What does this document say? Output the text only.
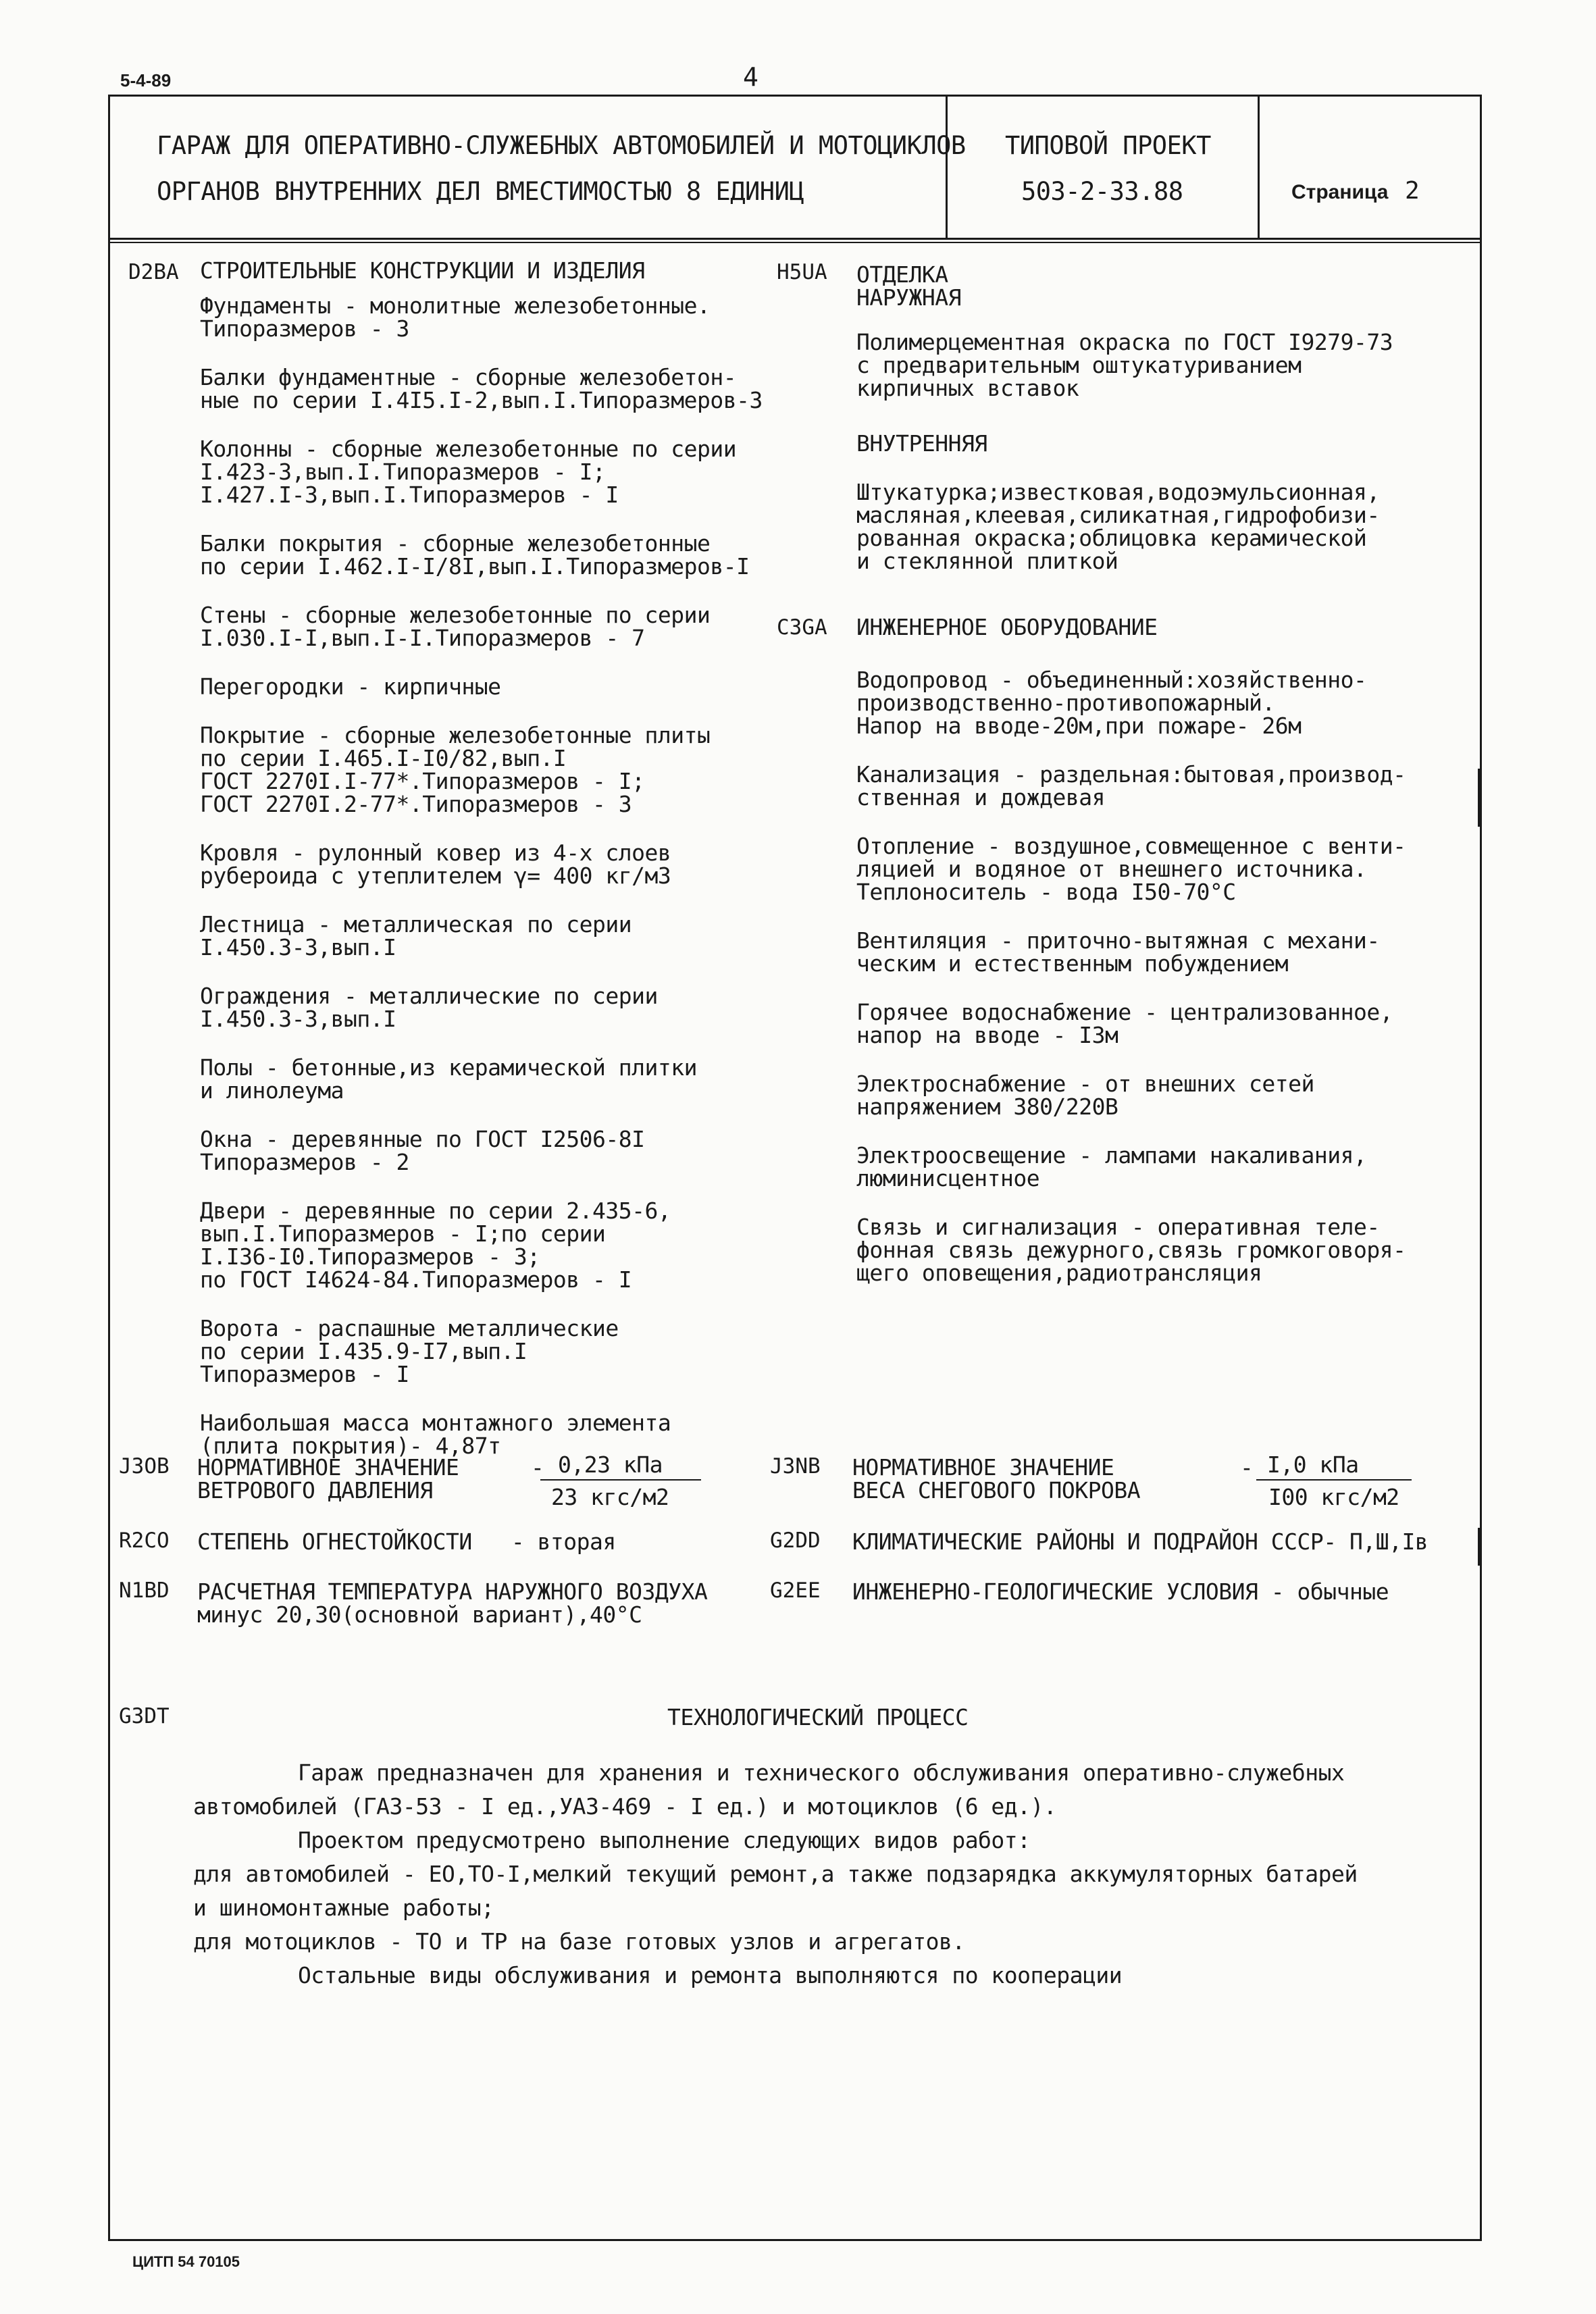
5-4-89	4
ГАРАЖ ДЛЯ ОПЕРАТИВНО-СЛУЖЕБНЫХ АВТОМОБИЛЕЙ И МОТОЦИКЛОВ
ОРГАНОВ ВНУТРЕННИХ ДЕЛ ВМЕСТИМОСТЬЮ 8 ЕДИНИЦ
ТИПОВОЙ ПРОЕКТ
503-2-33.88	Страница 2
D2BA СТРОИТЕЛЬНЫЕ КОНСТРУКЦИИ И ИЗДЕЛИЯ
Фундаменты - монолитные железобетонные.
Типоразмеров - 3
Балки фундаментные - сборные железобетон-
ные по серии I.4I5.I-2,вып.I.Типоразмеров-3
Колонны - сборные железобетонные по серии
I.423-3,вып.I.Типоразмеров - I;
I.427.I-3,вып.I.Типоразмеров - I
Балки покрытия - сборные железобетонные
по серии I.462.I-I/8I,вып.I.Типоразмеров-I
Стены - сборные железобетонные по серии
I.030.I-I,вып.I-I.Типоразмеров - 7
Перегородки - кирпичные
Покрытие - сборные железобетонные плиты
по серии I.465.I-I0/82,вып.I
ГОСТ 2270I.I-77*.Типоразмеров - I;
ГОСТ 2270I.2-77*.Типоразмеров - 3
Кровля - рулонный ковер из 4-х слоев
рубероида с утеплителем γ= 400 кг/м3
Лестница - металлическая по серии
I.450.3-3,вып.I
Ограждения - металлические по серии
I.450.3-3,вып.I
Полы - бетонные,из керамической плитки
и линолеума
Окна - деревянные по ГОСТ I2506-8I
Типоразмеров - 2
Двери - деревянные по серии 2.435-6,
вып.I.Типоразмеров - I;по серии
I.I36-I0.Типоразмеров - 3;
по ГОСТ I4624-84.Типоразмеров - I
Ворота - распашные металлические
по серии I.435.9-I7,вып.I
Типоразмеров - I
Наибольшая масса монтажного элемента
(плита покрытия)- 4,87т
H5UA ОТДЕЛКА
НАРУЖНАЯ
Полимерцементная окраска по ГОСТ I9279-73
с предварительным оштукатуриванием
кирпичных вставок
ВНУТРЕННЯЯ
Штукатурка;известковая,водоэмульсионная,
масляная,клеевая,силикатная,гидрофобизи-
рованная окраска;облицовка керамической
и стеклянной плиткой
C3GA ИНЖЕНЕРНОЕ ОБОРУДОВАНИЕ
Водопровод - объединенный:хозяйственно-
производственно-противопожарный.
Напор на вводе-20м,при пожаре- 26м
Канализация - раздельная:бытовая,производ-
ственная и дождевая
Отопление - воздушное,совмещенное с венти-
ляцией и водяное от внешнего источника.
Теплоноситель - вода I50-70°С
Вентиляция - приточно-вытяжная с механи-
ческим и естественным побуждением
Горячее водоснабжение - централизованное,
напор на вводе - I3м
Электроснабжение - от внешних сетей
напряжением 380/220В
Электроосвещение - лампами накаливания,
люминисцентное
Связь и сигнализация - оперативная теле-
фонная связь дежурного,связь громкоговоря-
щего оповещения,радиотрансляция
J3OB НОРМАТИВНОЕ ЗНАЧЕНИЕ
ВЕТРОВОГО ДАВЛЕНИЯ
- 0,23 кПа
23 кгс/м2
J3NB НОРМАТИВНОЕ ЗНАЧЕНИЕ
ВЕСА СНЕГОВОГО ПОКРОВА
- I,0 кПа
I00 кгс/м2
R2CO СТЕПЕНЬ ОГНЕСТОЙКОСТИ   - вторая	G2DD КЛИМАТИЧЕСКИЕ РАЙОНЫ И ПОДРАЙОН СССР- П,Ш,Iв
N1BD РАСЧЕТНАЯ ТЕМПЕРАТУРА НАРУЖНОГО ВОЗДУХА
минус 20,30(основной вариант),40°С
G2EE ИНЖЕНЕРНО-ГЕОЛОГИЧЕСКИЕ УСЛОВИЯ - обычные
G3DT	ТЕХНОЛОГИЧЕСКИЙ ПРОЦЕСС
Гараж предназначен для хранения и технического обслуживания оперативно-служебных
автомобилей (ГАЗ-53 - I ед.,УАЗ-469 - I ед.) и мотоциклов (6 ед.).
Проектом предусмотрено выполнение следующих видов работ:
для автомобилей - ЕО,ТО-I,мелкий текущий ремонт,а также подзарядка аккумуляторных батарей
и шиномонтажные работы;
для мотоциклов - ТО и ТР на базе готовых узлов и агрегатов.
Остальные виды обслуживания и ремонта выполняются по кооперации
ЦИТП 54 70105
